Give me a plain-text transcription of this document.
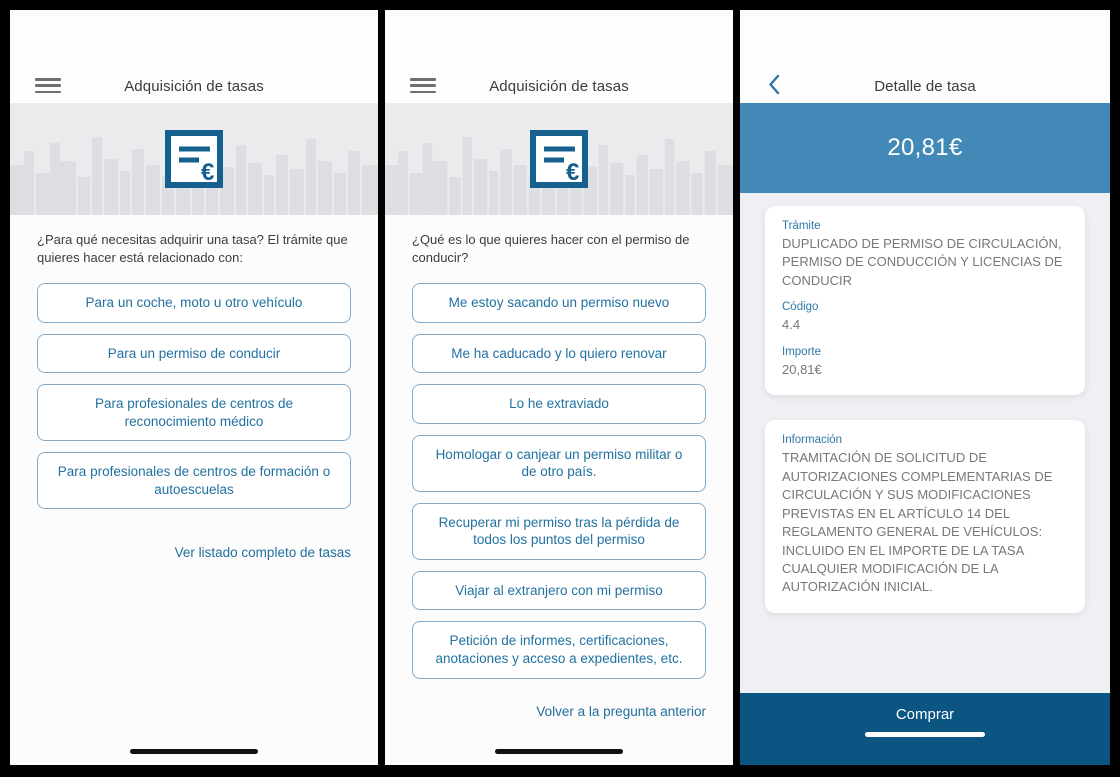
Adquisición de tasas
€

¿Para qué necesitas adquirir una tasa? El trámite que quieres hacer está relacionado con:

Para un coche, moto u otro vehículo
Para un permiso de conducir
Para profesionales de centros de reconocimiento médico
Para profesionales de centros de formación o autoescuelas
Ver listado completo de tasas
Adquisición de tasas
€

¿Qué es lo que quieres hacer con el permiso de conducir?

Me estoy sacando un permiso nuevo
Me ha caducado y lo quiero renovar
Lo he extraviado
Homologar o canjear un permiso militar o de otro país.
Recuperar mi permiso tras la pérdida de todos los puntos del permiso
Viajar al extranjero con mi permiso
Petición de informes, certificaciones, anotaciones y acceso a expedientes, etc.
Volver a la pregunta anterior
Detalle de tasa
20,81€
Trámite
DUPLICADO DE PERMISO DE CIRCULACIÓN, PERMISO DE CONDUCCIÓN Y LICENCIAS DE CONDUCIR
Código
4.4
Importe
20,81€
Información
TRAMITACIÓN DE SOLICITUD DE AUTORIZACIONES COMPLEMENTARIAS DE CIRCULACIÓN Y SUS MODIFICACIONES PREVISTAS EN EL ARTÍCULO 14 DEL REGLAMENTO GENERAL DE VEHÍCULOS: INCLUIDO EN EL IMPORTE DE LA TASA CUALQUIER MODIFICACIÓN DE LA AUTORIZACIÓN INICIAL.
Comprar
